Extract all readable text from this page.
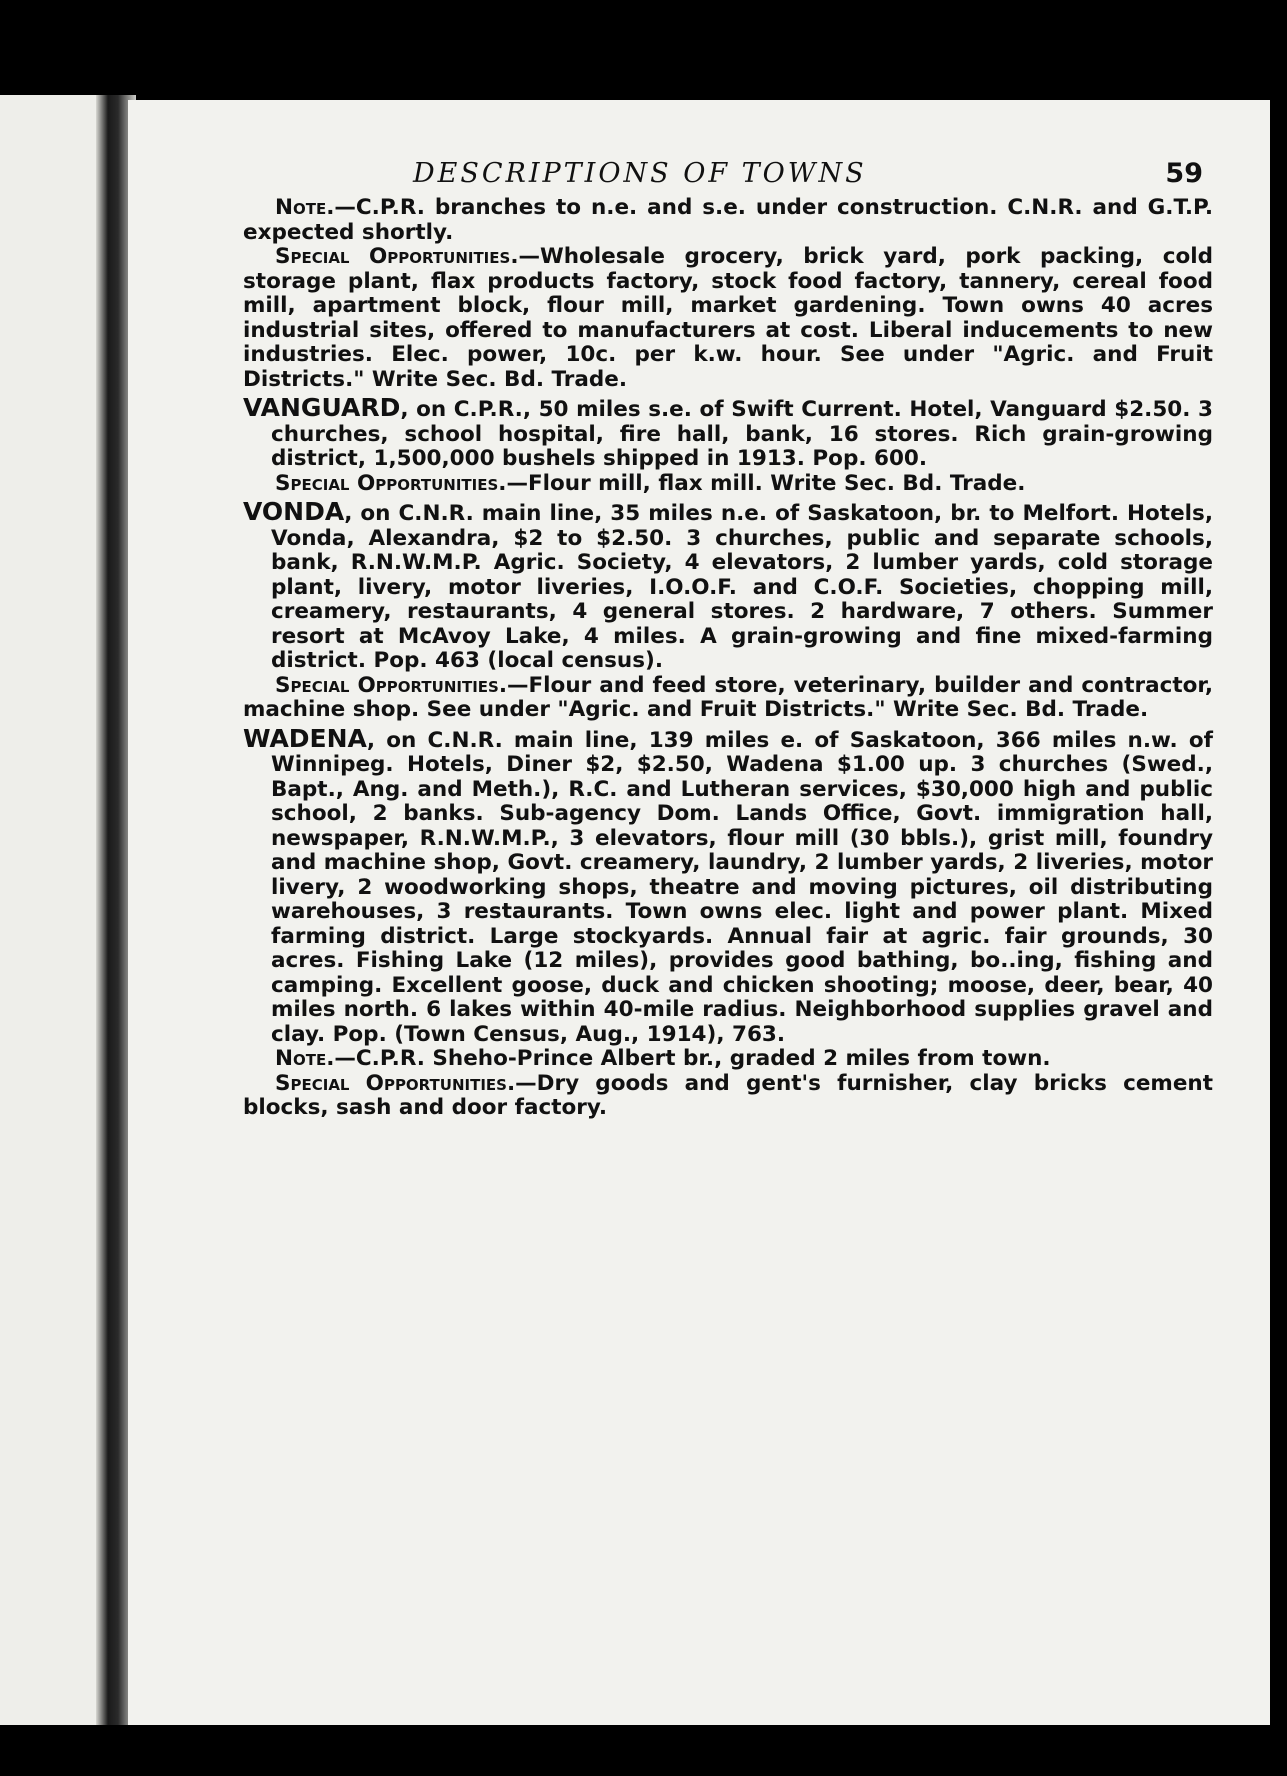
DESCRIPTIONS OF TOWNS	59

Note.—C.P.R. branches to n.e. and s.e. under construction. C.N.R. and G.T.P. expected shortly.

Special Opportunities.—Wholesale grocery, brick yard, pork packing, cold storage plant, flax products factory, stock food factory, tannery, cereal food mill, apartment block, flour mill, market gardening. Town owns 40 acres industrial sites, offered to manufacturers at cost. Liberal inducements to new industries. Elec. power, 10c. per k.w. hour. See under "Agric. and Fruit Districts." Write Sec. Bd. Trade.

VANGUARD, on C.P.R., 50 miles s.e. of Swift Current. Hotel, Vanguard $2.50. 3 churches, school hospital, fire hall, bank, 16 stores. Rich grain-growing district, 1,500,000 bushels shipped in 1913. Pop. 600.

Special Opportunities.—Flour mill, flax mill. Write Sec. Bd. Trade.

VONDA, on C.N.R. main line, 35 miles n.e. of Saskatoon, br. to Melfort. Hotels, Vonda, Alexandra, $2 to $2.50. 3 churches, public and separate schools, bank, R.N.W.M.P. Agric. Society, 4 elevators, 2 lumber yards, cold storage plant, livery, motor liveries, I.O.O.F. and C.O.F. Societies, chopping mill, creamery, restaurants, 4 general stores. 2 hardware, 7 others. Summer resort at McAvoy Lake, 4 miles. A grain-growing and fine mixed-farming district. Pop. 463 (local census).

Special Opportunities.—Flour and feed store, veterinary, builder and contractor, machine shop. See under "Agric. and Fruit Districts." Write Sec. Bd. Trade.

WADENA, on C.N.R. main line, 139 miles e. of Saskatoon, 366 miles n.w. of Winnipeg. Hotels, Diner $2, $2.50, Wadena $1.00 up. 3 churches (Swed., Bapt., Ang. and Meth.), R.C. and Lutheran services, $30,000 high and public school, 2 banks. Sub-agency Dom. Lands Office, Govt. immigration hall, newspaper, R.N.W.M.P., 3 elevators, flour mill (30 bbls.), grist mill, foundry and machine shop, Govt. creamery, laundry, 2 lumber yards, 2 liveries, motor livery, 2 woodworking shops, theatre and moving pictures, oil distributing warehouses, 3 restaurants. Town owns elec. light and power plant. Mixed farming district. Large stockyards. Annual fair at agric. fair grounds, 30 acres. Fishing Lake (12 miles), provides good bathing, bo..ing, fishing and camping. Excellent goose, duck and chicken shooting; moose, deer, bear, 40 miles north. 6 lakes within 40-mile radius. Neighborhood supplies gravel and clay. Pop. (Town Census, Aug., 1914), 763.

Note.—C.P.R. Sheho-Prince Albert br., graded 2 miles from town.

Special Opportunities.—Dry goods and gent's furnisher, clay bricks cement blocks, sash and door factory.
